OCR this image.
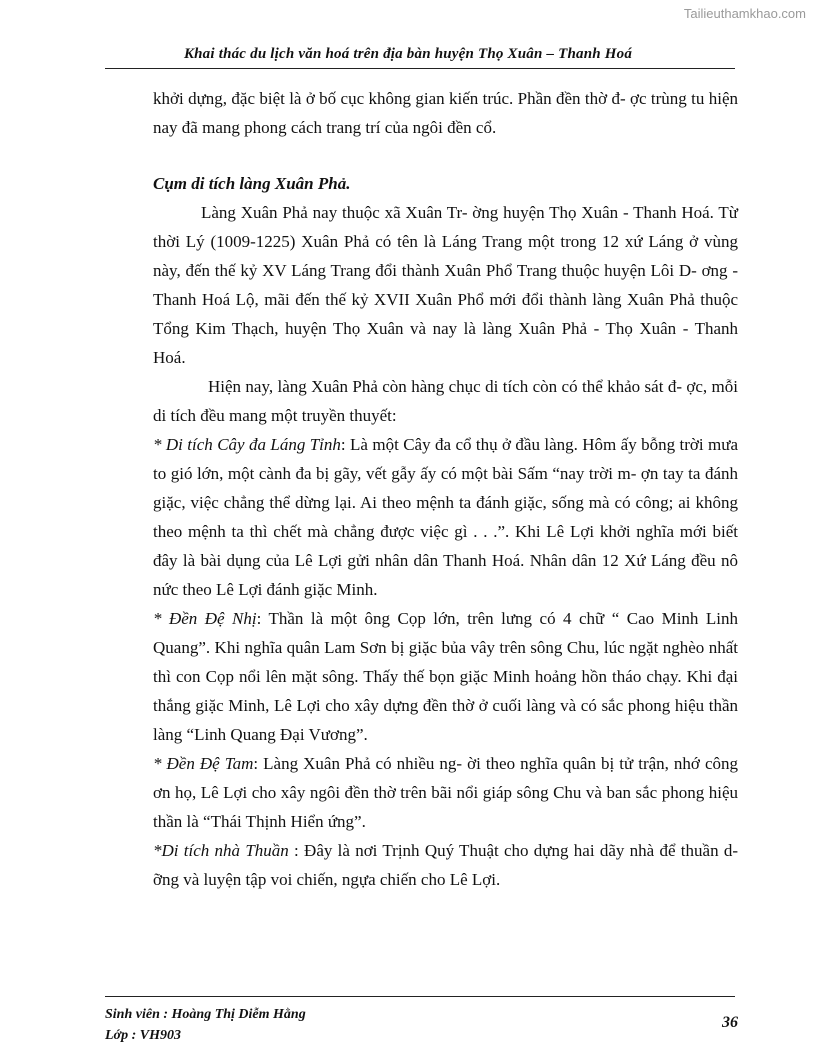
Tailieuthamkhao.com
Khai thác du lịch văn hoá trên địa bàn huyện Thọ Xuân – Thanh Hoá

khởi dựng, đặc biệt là ở bố cục không gian kiến trúc. Phần đền thờ đ- ợc trùng tu hiện nay đã mang phong cách trang trí của ngôi đền cổ.

Cụm di tích làng Xuân Phả.

Làng Xuân Phả nay thuộc xã Xuân Tr- ờng huyện Thọ Xuân - Thanh Hoá. Từ thời Lý (1009-1225) Xuân Phả có tên là Láng Trang một trong 12 xứ Láng ở vùng này, đến thế kỷ XV Láng Trang đổi thành Xuân Phổ Trang thuộc huyện Lôi D- ơng - Thanh Hoá Lộ, mãi đến thế kỷ XVII Xuân Phổ mới đổi thành làng Xuân Phả thuộc Tổng Kim Thạch, huyện Thọ Xuân và nay là làng Xuân Phả - Thọ Xuân - Thanh Hoá.

Hiện nay, làng Xuân Phả còn hàng chục di tích còn có thể khảo sát đ- ợc, mỗi di tích đều mang một truyền thuyết:

* Di tích Cây đa Láng Tỉnh: Là một Cây đa cổ thụ ở đầu làng. Hôm ấy bỗng trời mưa to gió lớn, một cành đa bị gãy, vết gẫy ấy có một bài Sấm “nay trời m- ợn tay ta đánh giặc, việc chẳng thể dừng lại. Ai theo mệnh ta đánh giặc, sống mà có công; ai không theo mệnh ta thì chết mà chẳng được việc gì . . .”. Khi Lê Lợi khởi nghĩa mới biết đây là bài dụng của Lê Lợi gửi nhân dân Thanh Hoá. Nhân dân 12 Xứ Láng đều nô nức theo Lê Lợi đánh giặc Minh.

* Đền Đệ Nhị: Thần là một ông Cọp lớn, trên lưng có 4 chữ “ Cao Minh Linh Quang”. Khi nghĩa quân Lam Sơn bị giặc bủa vây trên sông Chu, lúc ngặt nghèo nhất thì con Cọp nổi lên mặt sông. Thấy thế bọn giặc Minh hoảng hồn tháo chạy. Khi đại thắng giặc Minh, Lê Lợi cho xây dựng đền thờ ở cuối làng và có sắc phong hiệu thần làng “Linh Quang Đại Vương”.

* Đền Đệ Tam: Làng Xuân Phả có nhiều ng- ời theo nghĩa quân bị tử trận, nhớ công ơn họ, Lê Lợi cho xây ngôi đền thờ trên bãi nổi giáp sông Chu và ban sắc phong hiệu thần là “Thái Thịnh Hiển ứng”.

*Di tích nhà Thuần : Đây là nơi Trịnh Quý Thuật cho dựng hai dãy nhà để thuần d- ỡng và luyện tập voi chiến, ngựa chiến cho Lê Lợi.

Sinh viên : Hoàng Thị Diễm Hằng
Lớp : VH903
36
